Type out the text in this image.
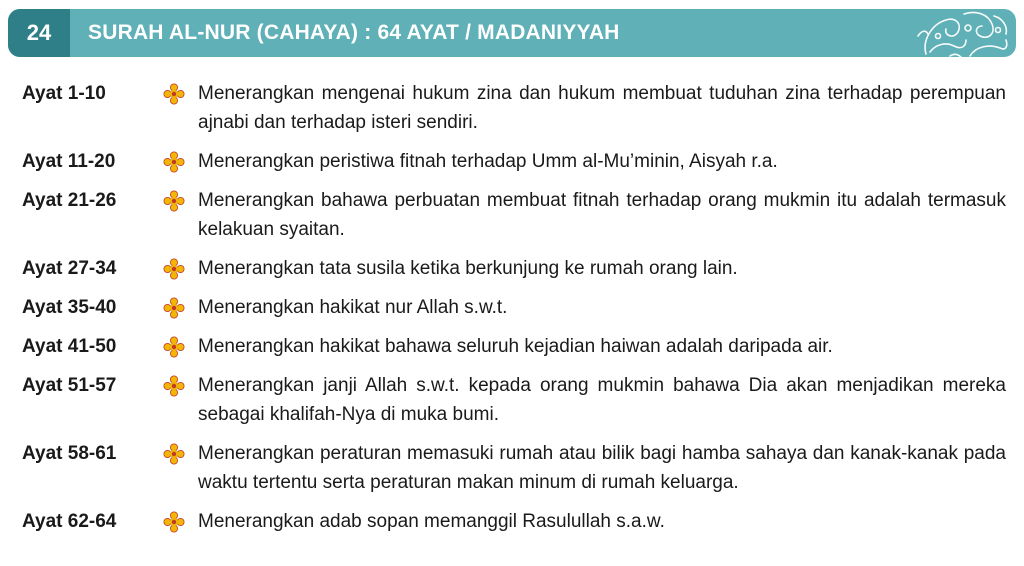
24	SURAH AL-NUR (CAHAYA) : 64 AYAT / MADANIYYAH
Ayat 1-10	Menerangkan mengenai hukum zina dan hukum membuat tuduhan zina terhadap perempuan ajnabi dan terhadap isteri sendiri.
Ayat 11-20	Menerangkan peristiwa fitnah terhadap Umm al-Mu’minin, Aisyah r.a.
Ayat 21-26	Menerangkan bahawa perbuatan membuat fitnah terhadap orang mukmin itu adalah termasuk kelakuan syaitan.
Ayat 27-34	Menerangkan tata susila ketika berkunjung ke rumah orang lain.
Ayat 35-40	Menerangkan hakikat nur Allah s.w.t.
Ayat 41-50	Menerangkan hakikat bahawa seluruh kejadian haiwan adalah daripada air.
Ayat 51-57	Menerangkan janji Allah s.w.t. kepada orang mukmin bahawa Dia akan menjadikan mereka sebagai khalifah-Nya di muka bumi.
Ayat 58-61	Menerangkan peraturan memasuki rumah atau bilik bagi hamba sahaya dan kanak-kanak pada waktu tertentu serta peraturan makan minum di rumah keluarga.
Ayat 62-64	Menerangkan adab sopan memanggil Rasulullah s.a.w.
